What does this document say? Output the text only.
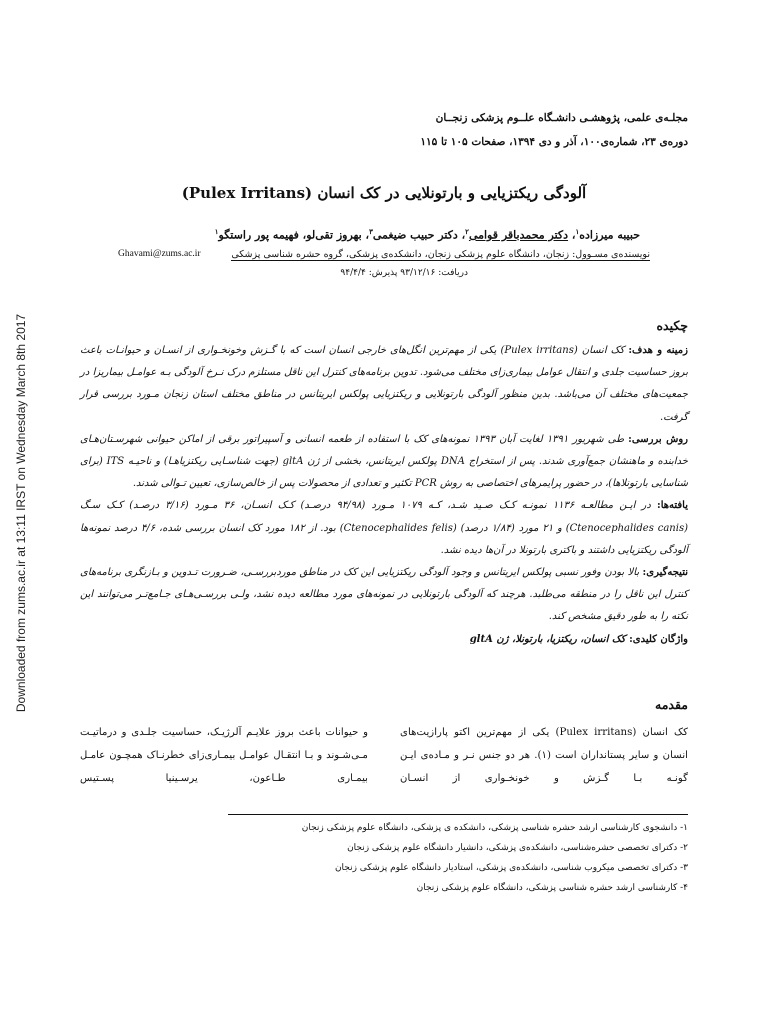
Downloaded from zums.ac.ir at 13:11 IRST on Wednesday March 8th 2017
مجلـه‌ی علمی، پژوهشـی دانشـگاه علــوم پزشکی زنجــان
دوره‌ی ۲۳، شماره‌ی۱۰۰، آذر و دی ۱۳۹۴، صفحات ۱۰۵ تا ۱۱۵
آلودگی ریکتزیایی و بارتونلایی در کک انسان (Pulex Irritans)
حبیبه میرزاده$^۱$، دکتر محمدباقر قوامی$^۲$، دکتر حبیب ضیغمی$^۳$، بهروز تقی‌لو، فهیمه پور راستگو$^۱$
Ghavami@zums.ac.ir	نویسنده‌ی مسـوول: زنجان، دانشگاه علوم پزشکی زنجان، دانشکده‌ی پزشکی، گروه حشره شناسی پزشکی
دریافت: ۹۳/۱۲/۱۶ پذیرش: ۹۴/۴/۴
چکیده

زمینه و هدف: کک انسان (Pulex irritans) یکی از مهم‌ترین انگل‌های خارجی انسان است که با گـزش وخونخـواری از انسـان و حیوانـات باعث بروز حساسیت جلدی و انتقال عوامل بیماری‌زای مختلف می‌شود. تدوین برنامه‌های کنترل این ناقل مستلزم درک نـرخ آلودگی بـه عوامـل بیماریزا در جمعیت‌های مختلف آن می‌باشد. بدین منظور آلودگی بارتونلایی و ریکتزیایی پولکس ایریتانس در مناطق مختلف استان زنجان مـورد بررسی قرار گرفت.

روش بررسی: طی شهریور ۱۳۹۱ لغایت آبان ۱۳۹۳ نمونه‌های کک با استفاده از طعمه انسانی و آسپیراتور برقی از اماکن حیوانی شهرسـتان‌هـای خدابنده و ماهنشان جمع‌آوری شدند. پس از استخراج DNA پولکس ایریتانس، بخشی از ژن gltA (جهت شناسـایی ریکتزیاهـا) و ناحیـه ITS (برای شناسایی بارتونلاها)، در حضور پرایمرهای اختصاصی به روش PCR تکثیر و تعدادی از محصولات پس از خالص‌سازی، تعیین تـوالی شدند.

یافته‌ها: در ایـن مطالعـه ۱۱۳۶ نمونـه کـک صـید شـد، کـه ۱۰۷۹ مـورد (۹۴/۹۸ درصـد) کـک انسـان، ۳۶ مـورد (۳/۱۶ درصـد) کـک سـگ (Ctenocephalides canis) و ۲۱ مورد (۱/۸۴ درصد) (Ctenocephalides felis) بود. از ۱۸۲ مورد کک انسان بررسی شده، ۴/۶ درصد نمونه‌ها آلودگی ریکتزیایی داشتند و باکتری بارتونلا در آن‌ها دیده نشد.

نتیجه‌گیری: بالا بودن وفور نسبی پولکس ایریتانس و وجود آلودگی ریکتزیایی این کک در مناطق موردبررسـی، ضـرورت تـدوین و بـازنگری برنامه‌های کنترل این ناقل را در منطقه می‌طلبد. هرچند که آلودگی بارتونلایی در نمونه‌های مورد مطالعه دیده نشد، ولـی بررسـی‌هـای جـامع‌تـر می‌توانند این نکته را به طور دقیق مشخص کند.

واژگان کلیدی: کک انسان، ریکتزیا، بارتونلا، ژن gltA

مقدمه
کک انسان (Pulex irritans) یکی از مهم‌ترین اکتو پارازیت‌های انسان و سایر پستانداران است (۱). هر دو جنس نـر و مـاده‌ی ایـن گونـه بـا گـزش و خونخـواری از انسـان
و حیوانات باعث بروز علایـم آلرژیـک، حساسیت جلـدی و درماتیـت مـی‌شـوند و بـا انتقـال عوامـل بیمـاری‌زای خطرنـاک همچـون عامـل بیمـاری طـاعون، یرسـینیا پسـتیس
۱- دانشجوی کارشناسی ارشد حشره شناسی پزشکی، دانشکده ی پزشکی، دانشگاه علوم پزشکی زنجان
۲- دکترای تخصصی حشره‌شناسی، دانشکده‌ی پزشکی، دانشیار دانشگاه علوم پزشکی زنجان
۳- دکترای تخصصی میکروب شناسی، دانشکده‌ی پزشکی، استادیار دانشگاه علوم پزشکی زنجان
۴- کارشناسی ارشد حشره شناسی پزشکی، دانشگاه علوم پزشکی زنجان
